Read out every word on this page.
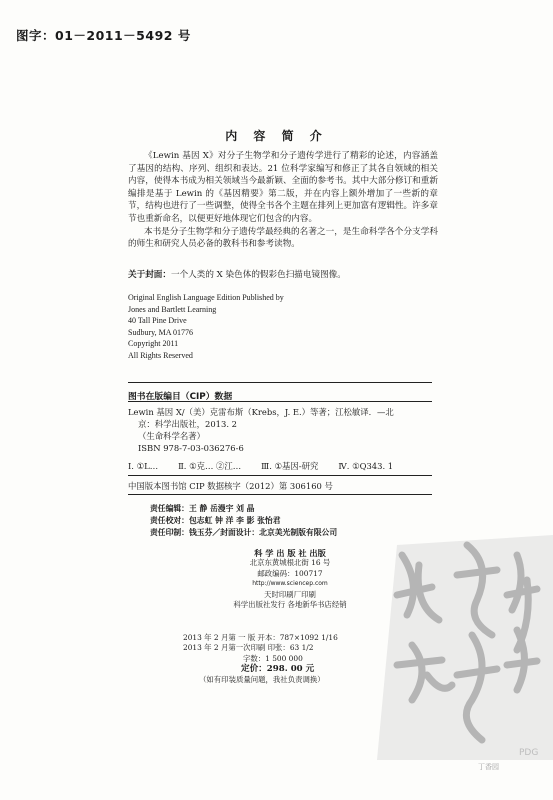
图字：01－2011－5492 号
内 容 简 介

《Lewin 基因 X》对分子生物学和分子遗传学进行了精彩的论述，内容涵盖了基因的结构、序列、组织和表达。21 位科学家编写和修正了其各自领域的相关内容，使得本书成为相关领域当今最新颖、全面的参考书。其中大部分修订和重新编排是基于 Lewin 的《基因精要》第二版，并在内容上额外增加了一些新的章节，结构也进行了一些调整，使得全书各个主题在排列上更加富有逻辑性。许多章节也重新命名，以便更好地体现它们包含的内容。

本书是分子生物学和分子遗传学最经典的名著之一，是生命科学各个分支学科的师生和研究人员必备的教科书和参考读物。

关于封面：一个人类的 X 染色体的假彩色扫描电镜图像。
Original English Language Edition Published by
Jones and Bartlett Learning
40 Tall Pine Drive
Sudbury, MA 01776
Copyright 2011
All Rights Reserved
图书在版编目（CIP）数据
Lewin 基因 X/（美）克雷布斯（Krebs，J. E.）等著；江松敏译．—北
京：科学出版社，2013. 2
（生命科学名著）
ISBN 978-7-03-036276-6
Ⅰ. ①L… Ⅱ. ①克… ②江… Ⅲ. ①基因-研究 Ⅳ. ①Q343. 1
中国版本图书馆 CIP 数据核字（2012）第 306160 号
责任编辑：王 静 岳漫宇 刘 晶
责任校对：包志虹 钟 洋 李 影 张怡君
责任印制：钱玉芬／封面设计：北京美光制版有限公司
科 学 出 版 社 出版
北京东黄城根北街 16 号
邮政编码：100717
http://www.sciencep.com
天时印刷厂印刷
科学出版社发行 各地新华书店经销
2013 年 2 月第 一 版 开本：787×1092 1/16
2013 年 2 月第一次印刷 印张：63 1/2
字数：1 500 000
定价：298. 00 元
（如有印装质量问题，我社负责调换）
PDG
丁香园
